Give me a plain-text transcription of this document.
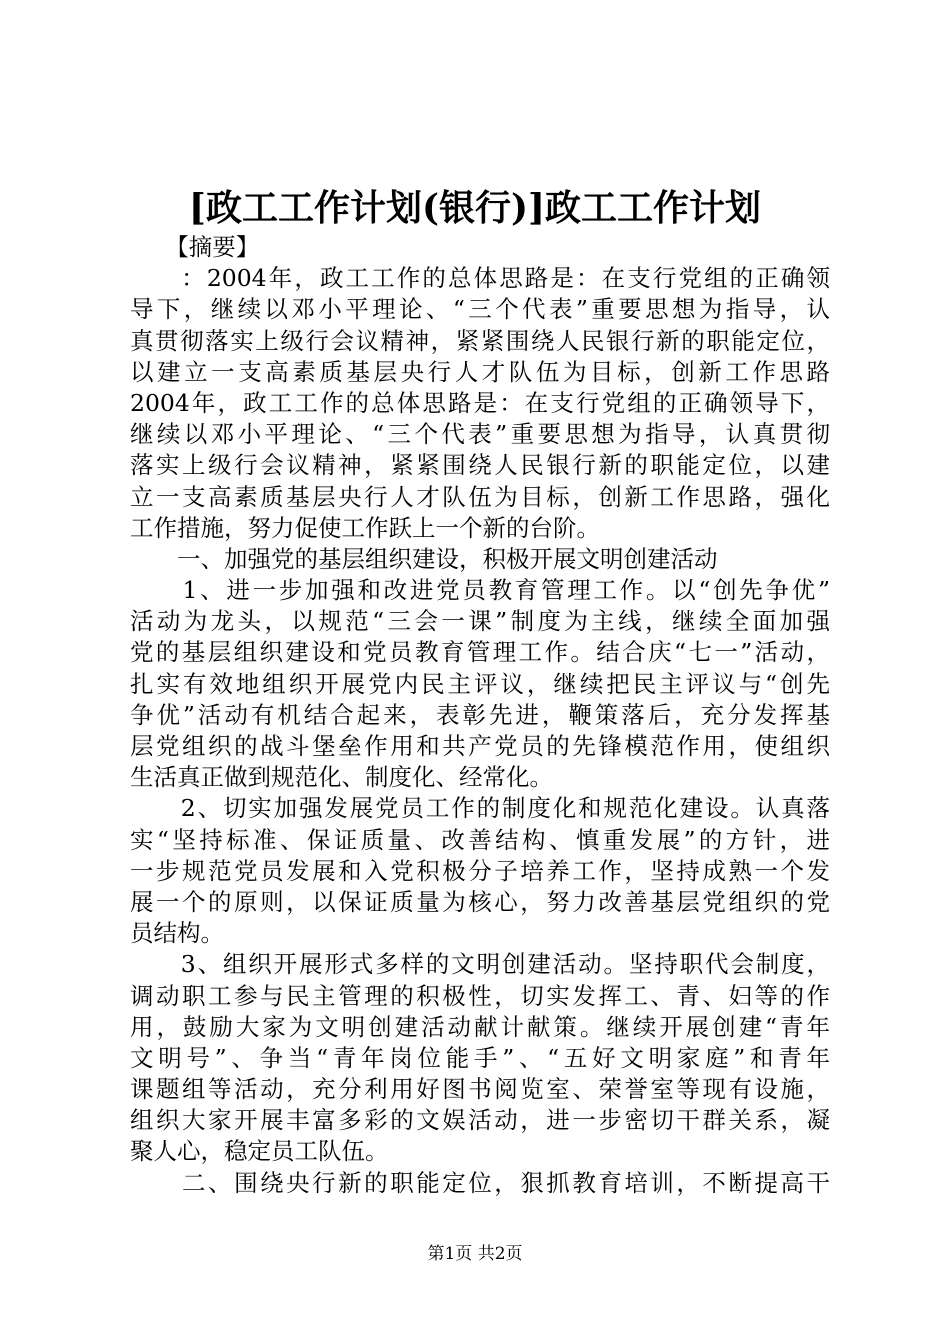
[政工工作计划(银行)]政工工作计划
　　【摘要】
　　：2004年，政工工作的总体思路是：在支行党组的正确领
导下，继续以邓小平理论、“三个代表”重要思想为指导，认
真贯彻落实上级行会议精神，紧紧围绕人民银行新的职能定位，
以建立一支高素质基层央行人才队伍为目标，创新工作思路
2004年，政工工作的总体思路是：在支行党组的正确领导下，
继续以邓小平理论、“三个代表”重要思想为指导，认真贯彻
落实上级行会议精神，紧紧围绕人民银行新的职能定位，以建
立一支高素质基层央行人才队伍为目标，创新工作思路，强化
工作措施，努力促使工作跃上一个新的台阶。
　　一、加强党的基层组织建设，积极开展文明创建活动
　　1、进一步加强和改进党员教育管理工作。以“创先争优”
活动为龙头，以规范“三会一课”制度为主线，继续全面加强
党的基层组织建设和党员教育管理工作。结合庆“七一”活动，
扎实有效地组织开展党内民主评议，继续把民主评议与“创先
争优”活动有机结合起来，表彰先进，鞭策落后，充分发挥基
层党组织的战斗堡垒作用和共产党员的先锋模范作用，使组织
生活真正做到规范化、制度化、经常化。
　　2、切实加强发展党员工作的制度化和规范化建设。认真落
实“坚持标准、保证质量、改善结构、慎重发展”的方针，进
一步规范党员发展和入党积极分子培养工作，坚持成熟一个发
展一个的原则，以保证质量为核心，努力改善基层党组织的党
员结构。
　　3、组织开展形式多样的文明创建活动。坚持职代会制度，
调动职工参与民主管理的积极性，切实发挥工、青、妇等的作
用，鼓励大家为文明创建活动献计献策。继续开展创建“青年
文明号”、争当“青年岗位能手”、“五好文明家庭”和青年
课题组等活动，充分利用好图书阅览室、荣誉室等现有设施，
组织大家开展丰富多彩的文娱活动，进一步密切干群关系，凝
聚人心，稳定员工队伍。
　　二、围绕央行新的职能定位，狠抓教育培训，不断提高干
第1页 共2页
